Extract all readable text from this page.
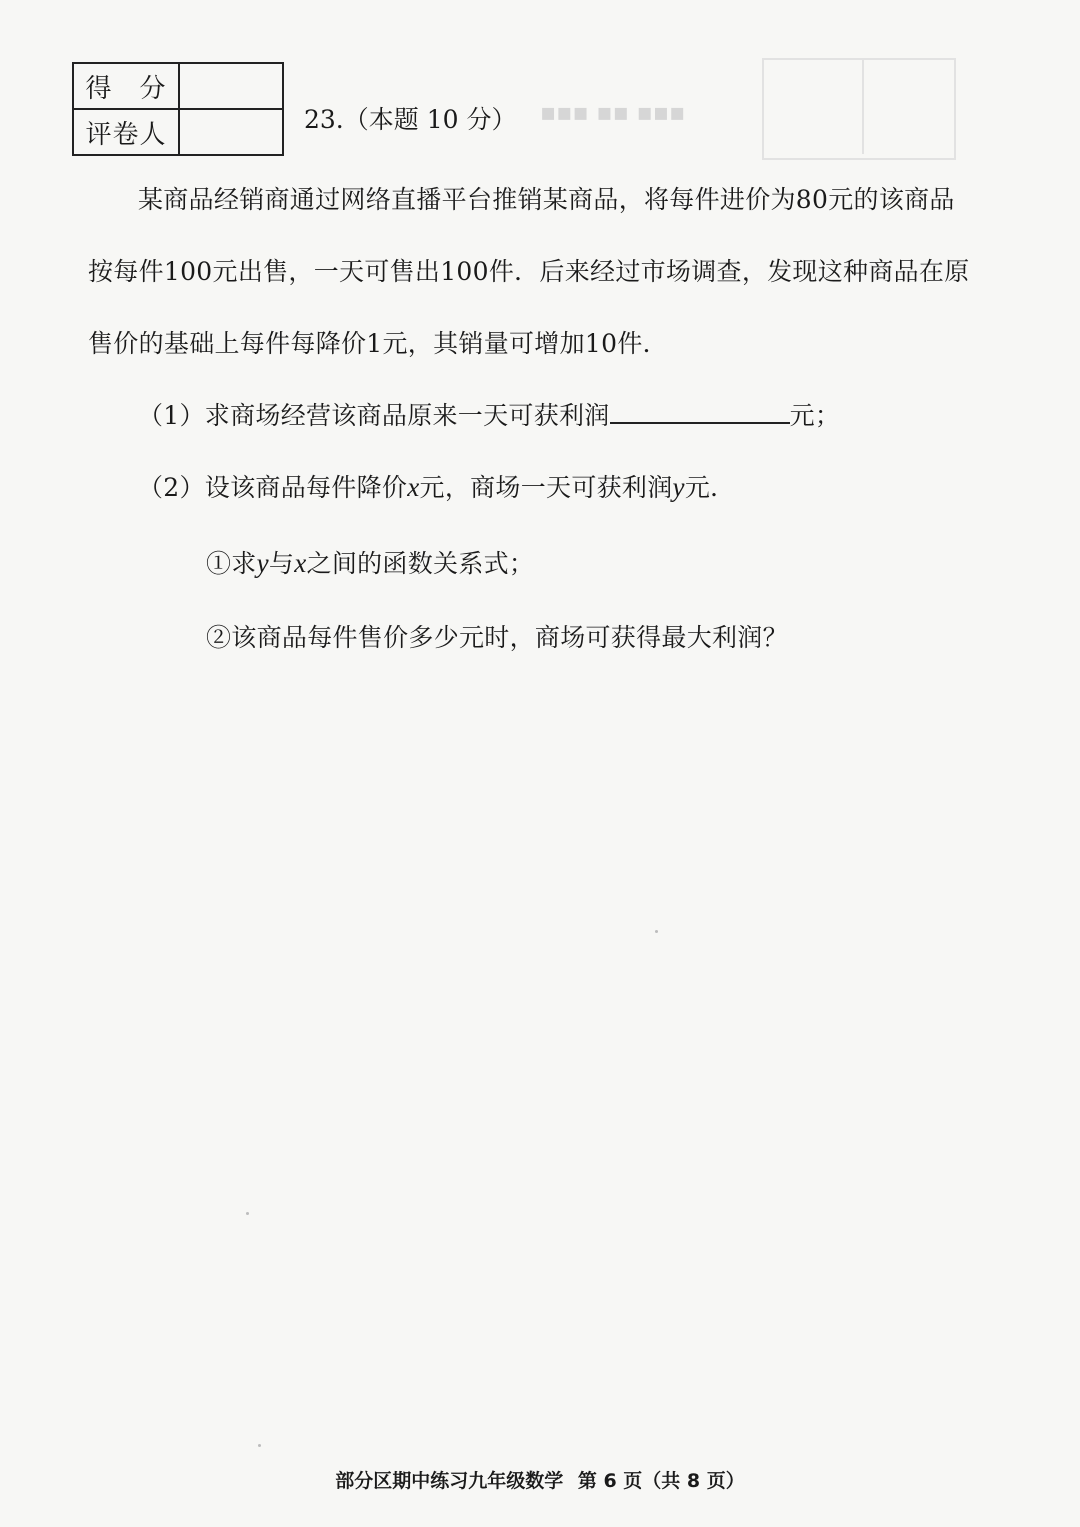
▪▪▪ ▪▪ ▪▪▪
得　分	
评卷人		23.（本题 10 分）
某商品经销商通过网络直播平台推销某商品，将每件进价为80元的该商品
按每件100元出售，一天可售出100件．后来经过市场调查，发现这种商品在原
售价的基础上每件每降价1元，其销量可增加10件．
（1）求商场经营该商品原来一天可获利润	元；
（2）设该商品每件降价x元，商场一天可获利润y元．
①求y与x之间的函数关系式；
②该商品每件售价多少元时，商场可获得最大利润？
部分区期中练习九年级数学 第 6 页（共 8 页）
